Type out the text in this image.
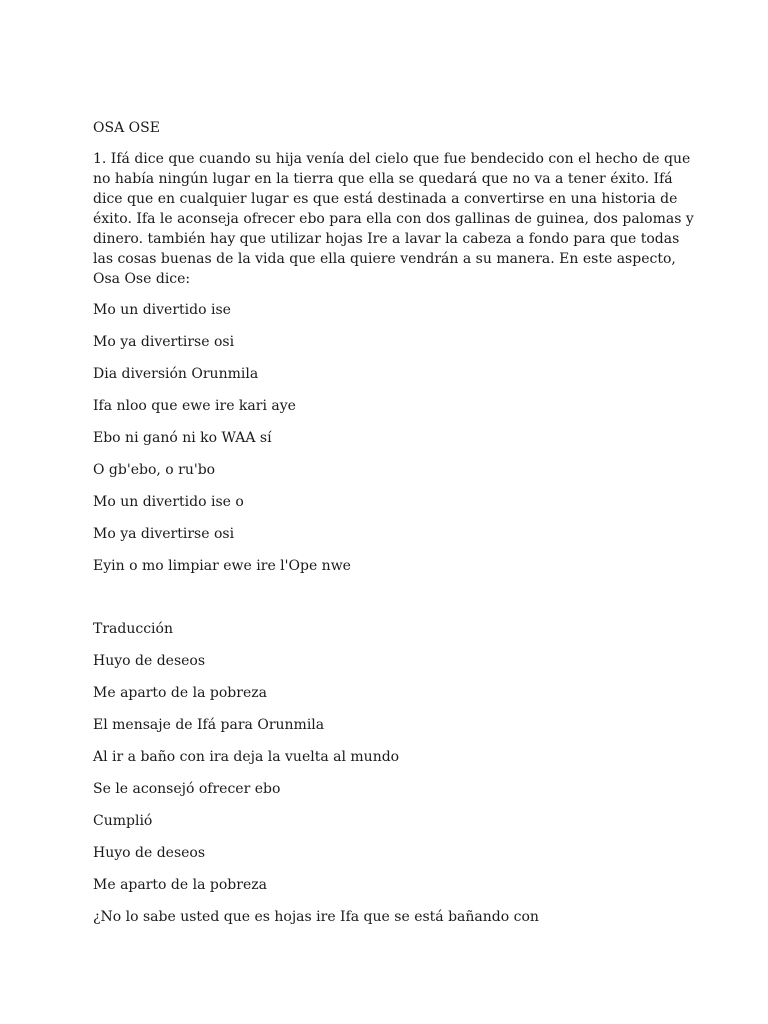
OSA OSE
1. Ifá dice que cuando su hija venía del cielo que fue bendecido con el hecho de que no había ningún lugar en la tierra que ella se quedará que no va a tener éxito. Ifá dice que en cualquier lugar es que está destinada a convertirse en una historia de éxito. Ifa le aconseja ofrecer ebo para ella con dos gallinas de guinea, dos palomas y dinero. también hay que utilizar hojas Ire a lavar la cabeza a fondo para que todas las cosas buenas de la vida que ella quiere vendrán a su manera. En este aspecto, Osa Ose dice:
Mo un divertido ise
Mo ya divertirse osi
Dia diversión Orunmila
Ifa nloo que ewe ire kari aye
Ebo ni ganó ni ko WAA sí
O gb'ebo, o ru'bo
Mo un divertido ise o
Mo ya divertirse osi
Eyin o mo limpiar ewe ire l'Ope nwe
Traducción
Huyo de deseos
Me aparto de la pobreza
El mensaje de Ifá para Orunmila
Al ir a baño con ira deja la vuelta al mundo
Se le aconsejó ofrecer ebo
Cumplió
Huyo de deseos
Me aparto de la pobreza
¿No lo sabe usted que es hojas ire Ifa que se está bañando con
